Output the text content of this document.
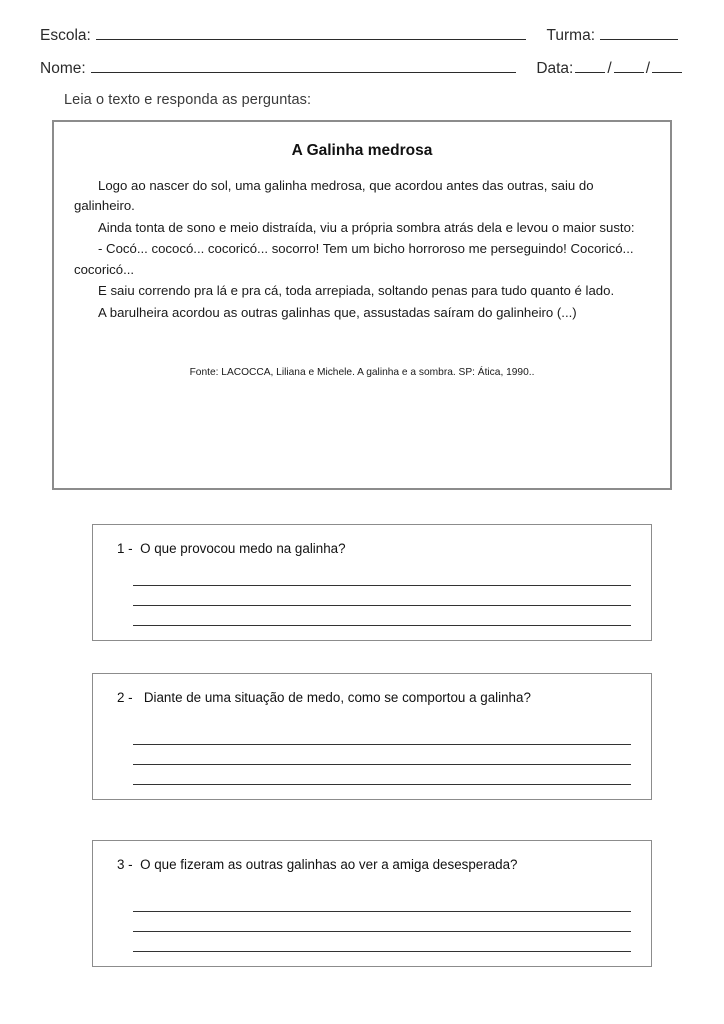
Escola:	Turma:
Nome:	Data: / /
Leia o texto e responda as perguntas:
A Galinha medrosa

Logo ao nascer do sol, uma galinha medrosa, que acordou antes das outras, saiu do galinheiro.

Ainda tonta de sono e meio distraída, viu a própria sombra atrás dela e levou o maior susto:

- Cocó... cococó... cocoricó... socorro! Tem um bicho horroroso me perseguindo! Cocoricó... cocoricó...

E saiu correndo pra lá e pra cá, toda arrepiada, soltando penas para tudo quanto é lado.

A barulheira acordou as outras galinhas que, assustadas saíram do galinheiro (...)

Fonte: LACOCCA, Liliana e Michele. A galinha e a sombra. SP: Ática, 1990..
1 - O que provocou medo na galinha?
2 - Diante de uma situação de medo, como se comportou a galinha?
3 - O que fizeram as outras galinhas ao ver a amiga desesperada?
